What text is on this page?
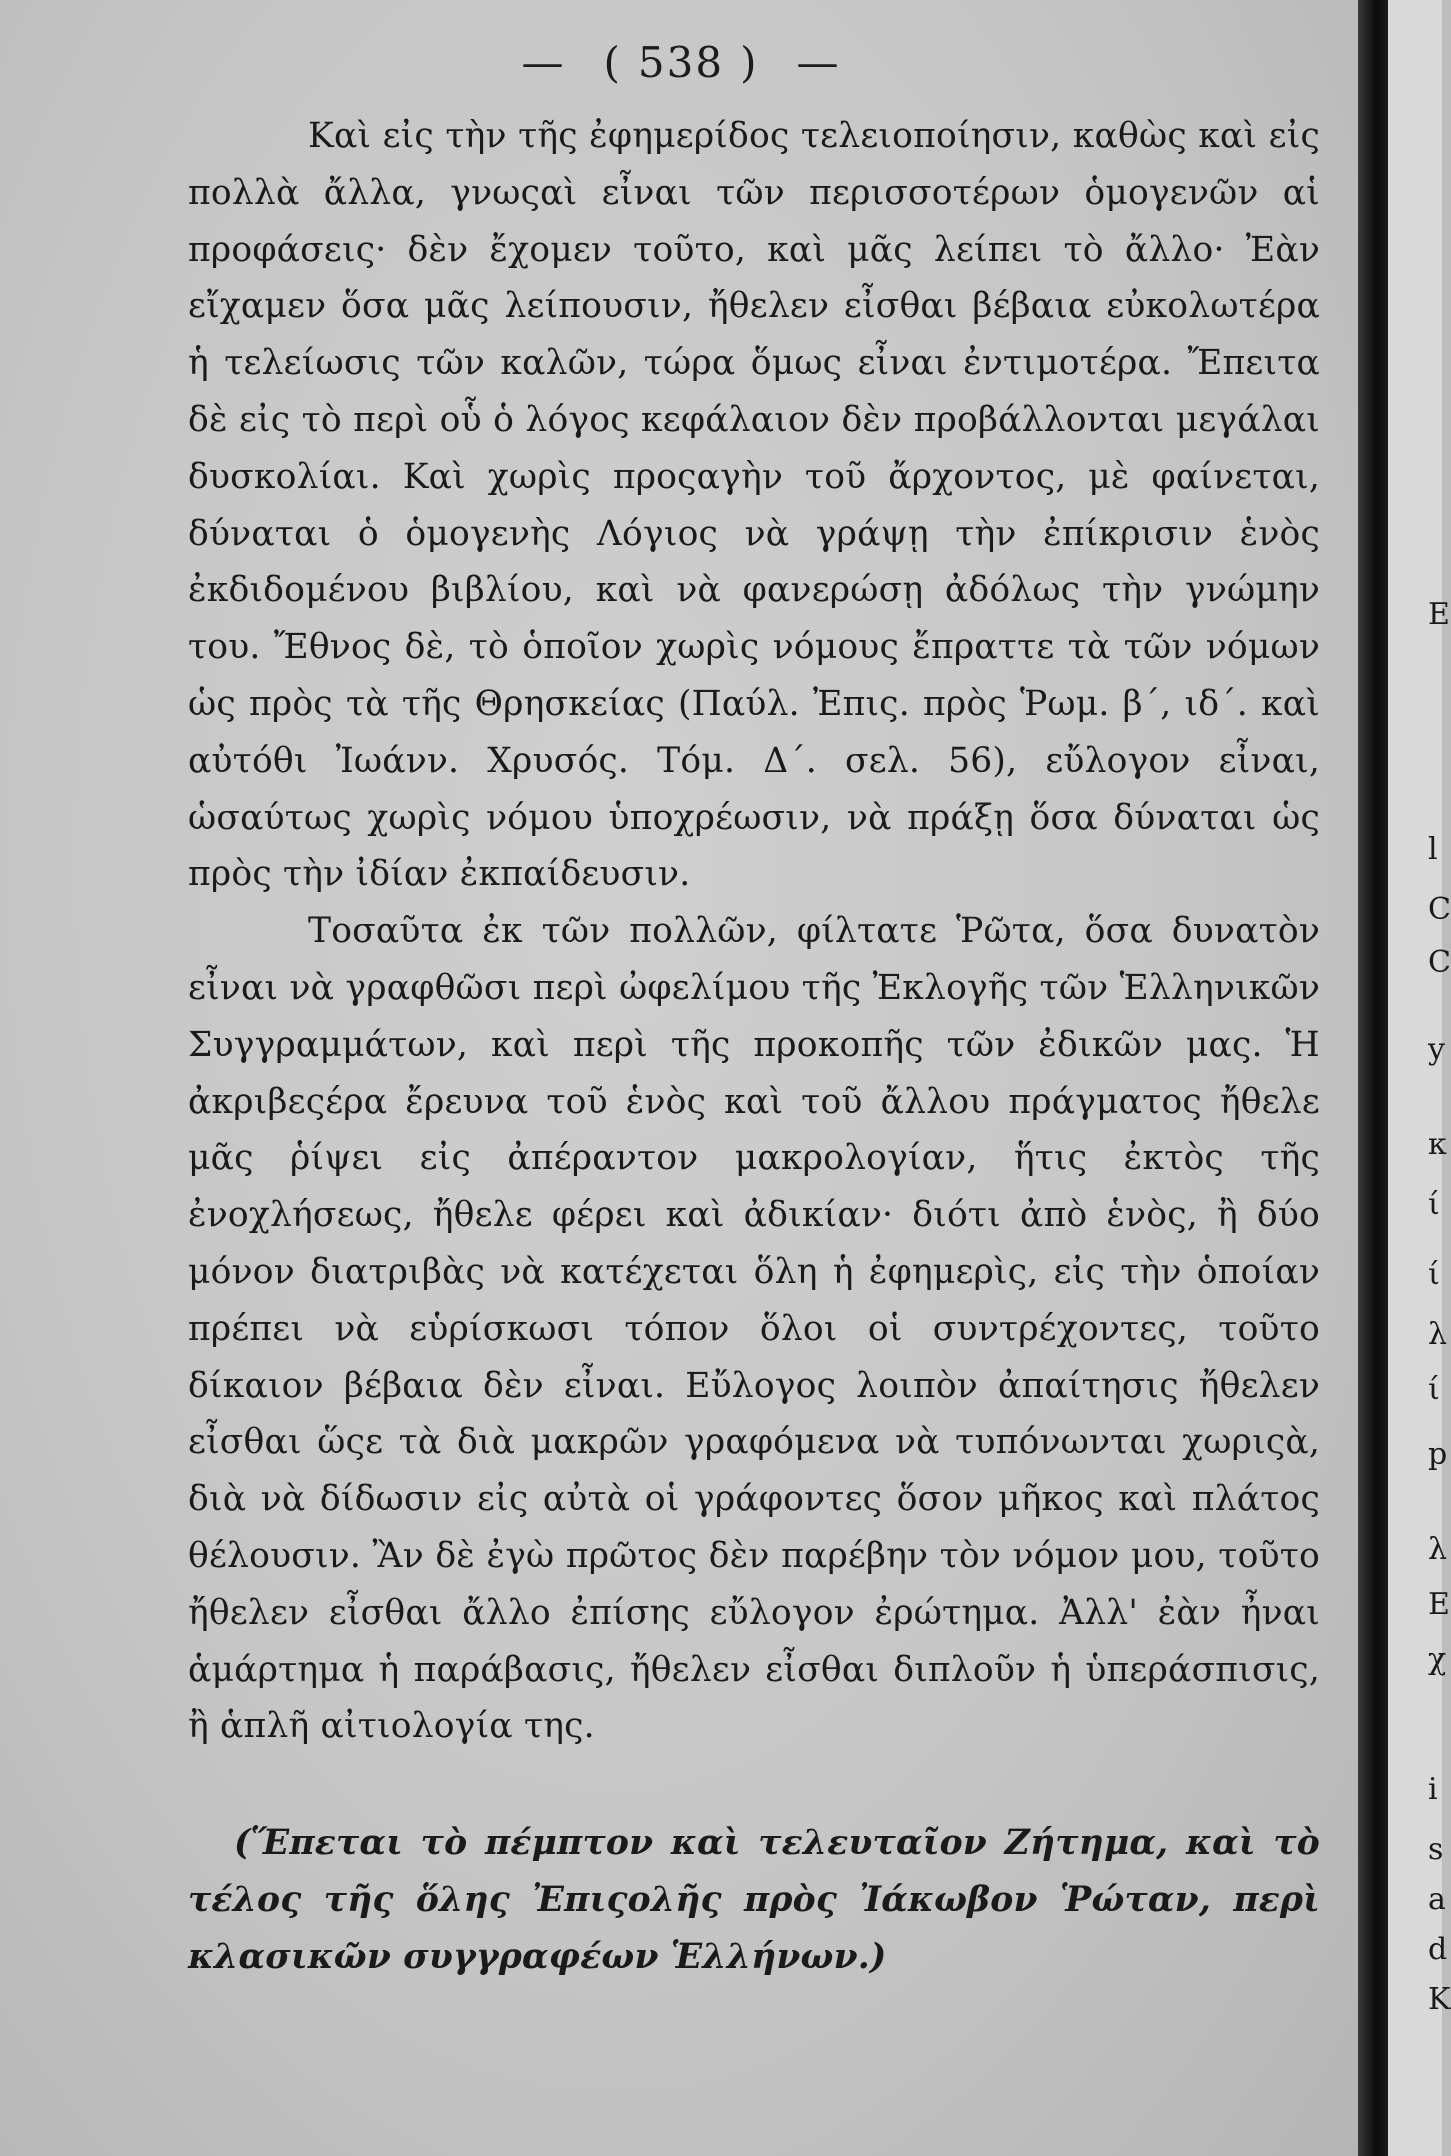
— ( 538 ) —

Καὶ εἰς τὴν τῆς ἐφημερίδος τελειοποίησιν, καθὼς καὶ εἰς πολλὰ ἄλλα, γνωςαὶ εἶναι τῶν περισσοτέρων ὁμογενῶν αἱ προφάσεις· δὲν ἔχομεν τοῦτο, καὶ μᾶς λείπει τὸ ἄλλο· Ἐὰν εἴχαμεν ὅσα μᾶς λείπουσιν, ἤθελεν εἶσθαι βέβαια εὐκολωτέρα ἡ τελείωσις τῶν καλῶν, τώρα ὅμως εἶναι ἐντιμοτέρα. Ἔπειτα δὲ εἰς τὸ περὶ οὗ ὁ λόγος κεφάλαιον δὲν προβάλλονται μεγάλαι δυσκολίαι. Καὶ χωρὶς προςαγὴν τοῦ ἄρχοντος, μὲ φαίνεται, δύναται ὁ ὁμογενὴς Λόγιος νὰ γράψῃ τὴν ἐπίκρισιν ἑνὸς ἐκδιδομένου βιβλίου, καὶ νὰ φανερώσῃ ἀδόλως τὴν γνώμην του. Ἔθνος δὲ, τὸ ὁποῖον χωρὶς νόμους ἔπραττε τὰ τῶν νόμων ὡς πρὸς τὰ τῆς Θρησκείας (Παύλ. Ἐπις. πρὸς Ῥωμ. β΄, ιδ΄. καὶ αὐτόθι Ἰωάνν. Χρυσός. Τόμ. Δ΄. σελ. 56), εὔλογον εἶναι, ὡσαύτως χωρὶς νόμου ὑποχρέωσιν, νὰ πράξῃ ὅσα δύναται ὡς πρὸς τὴν ἰδίαν ἐκπαίδευσιν.

Τοσαῦτα ἐκ τῶν πολλῶν, φίλτατε Ῥῶτα, ὅσα δυνατὸν εἶναι νὰ γραφθῶσι περὶ ὠφελίμου τῆς Ἐκλογῆς τῶν Ἑλληνικῶν Συγγραμμάτων, καὶ περὶ τῆς προκοπῆς τῶν ἐδικῶν μας. Ἡ ἀκριβεςέρα ἔρευνα τοῦ ἑνὸς καὶ τοῦ ἄλλου πράγματος ἤθελε μᾶς ῥίψει εἰς ἀπέραντον μακρολογίαν, ἥτις ἐκτὸς τῆς ἐνοχλήσεως, ἤθελε φέρει καὶ ἀδικίαν· διότι ἀπὸ ἑνὸς, ἢ δύο μόνον διατριβὰς νὰ κατέχεται ὅλη ἡ ἐφημερὶς, εἰς τὴν ὁποίαν πρέπει νὰ εὑρίσκωσι τόπον ὅλοι οἱ συντρέχοντες, τοῦτο δίκαιον βέβαια δὲν εἶναι. Εὔλογος λοιπὸν ἀπαίτησις ἤθελεν εἶσθαι ὥςε τὰ διὰ μακρῶν γραφόμενα νὰ τυπόνωνται χωριςὰ, διὰ νὰ δίδωσιν εἰς αὐτὰ οἱ γράφοντες ὅσον μῆκος καὶ πλάτος θέλουσιν. Ἂν δὲ ἐγὼ πρῶτος δὲν παρέβην τὸν νόμον μου, τοῦτο ἤθελεν εἶσθαι ἄλλο ἐπίσης εὔλογον ἐρώτημα. Ἀλλ' ἐὰν ἦναι ἁμάρτημα ἡ παράβασις, ἤθελεν εἶσθαι διπλοῦν ἡ ὑπεράσπισις, ἢ ἁπλῆ αἰτιολογία της.

(Ἕπεται τὸ πέμπτον καὶ τελευταῖον Ζήτημα, καὶ τὸ τέλος τῆς ὅλης Ἐπιςολῆς πρὸς Ἰάκωβον Ῥώταν, περὶ κλασικῶν συγγραφέων Ἑλλήνων.)

E
l
C
C
y
κ
ί
ί
λ
ί
p
λ
E
χ
i
s
a
d
K
